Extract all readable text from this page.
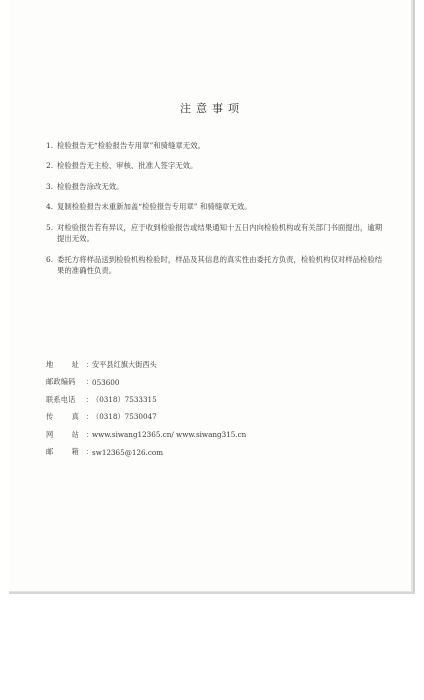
注意事项
1. 检验报告无“检验报告专用章”和骑缝章无效。
2. 检验报告无主检、审核、批准人签字无效。
3. 检验报告涂改无效。
4. 复制检验报告未重新加盖“检验报告专用章” 和骑缝章无效。
5. 对检验报告若有异议，应于收到检验报告或结果通知十五日内向检验机构或有关部门书面提出，逾期提出无效。
6. 委托方将样品送到检验机构检验时，样品及其信息的真实性由委托方负责，检验机构仅对样品检验结果的准确性负责。
地	址 ：
安平县红旗大街西头
邮政编码	：
053600
联系电话	：
（0318）7533315
传	真 ：
（0318）7530047
网	站 ：
www.siwang12365.cn/ www.siwang315.cn
邮	箱 ：
sw12365@126.com
